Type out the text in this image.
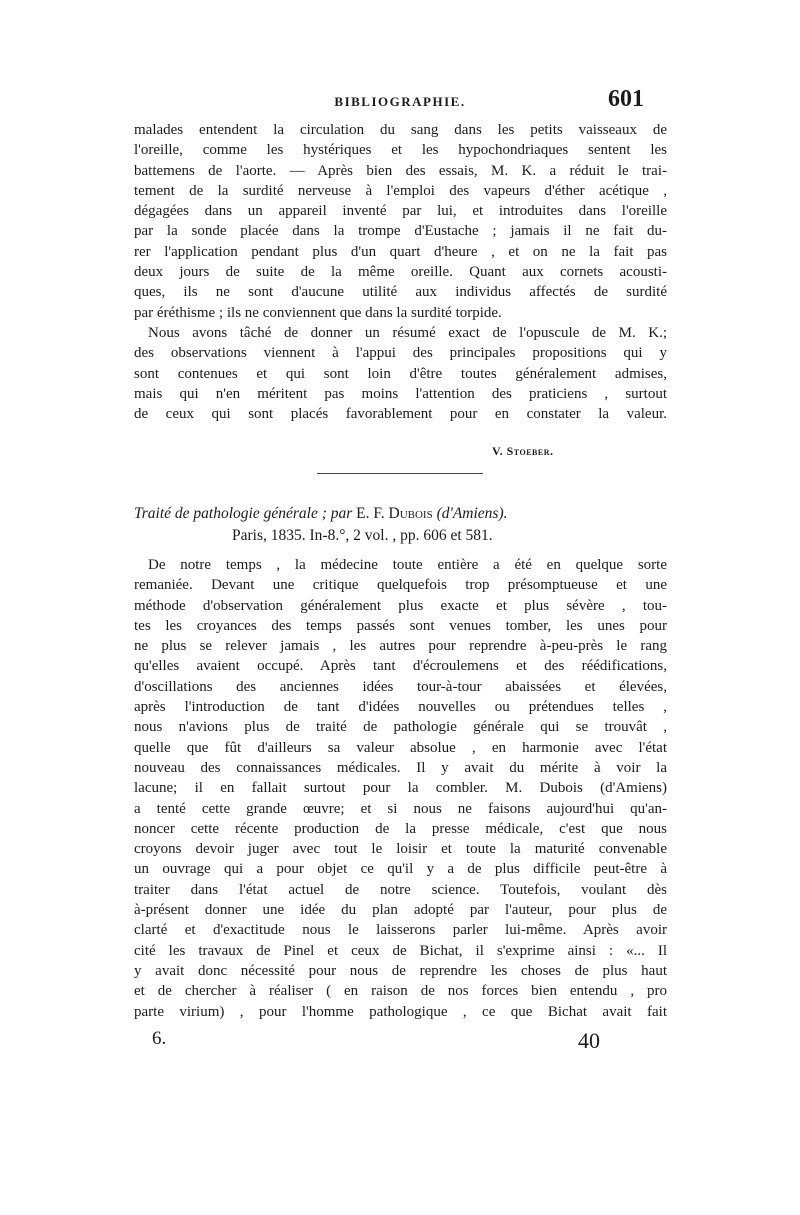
BIBLIOGRAPHIE.	601
malades entendent la circulation du sang dans les petits vaisseaux de
l'oreille, comme les hystériques et les hypochondriaques sentent les
battemens de l'aorte. — Après bien des essais, M. K. a réduit le trai-
tement de la surdité nerveuse à l'emploi des vapeurs d'éther acétique ,
dégagées dans un appareil inventé par lui, et introduites dans l'oreille
par la sonde placée dans la trompe d'Eustache ; jamais il ne fait du-
rer l'application pendant plus d'un quart d'heure , et on ne la fait pas
deux jours de suite de la même oreille. Quant aux cornets acousti-
ques, ils ne sont d'aucune utilité aux individus affectés de surdité
par éréthisme ; ils ne conviennent que dans la surdité torpide.
Nous avons tâché de donner un résumé exact de l'opuscule de M. K.;
des observations viennent à l'appui des principales propositions qui y
sont contenues et qui sont loin d'être toutes généralement admises,
mais qui n'en méritent pas moins l'attention des praticiens , surtout
de ceux qui sont placés favorablement pour en constater la valeur.
V. Stoeber.
Traité de pathologie générale ; par E. F. Dubois (d'Amiens).
Paris, 1835. In-8.°, 2 vol. , pp. 606 et 581.
De notre temps , la médecine toute entière a été en quelque sorte
remaniée. Devant une critique quelquefois trop présomptueuse et une
méthode d'observation généralement plus exacte et plus sévère , tou-
tes les croyances des temps passés sont venues tomber, les unes pour
ne plus se relever jamais , les autres pour reprendre à-peu-près le rang
qu'elles avaient occupé. Après tant d'écroulemens et des réédifications,
d'oscillations des anciennes idées tour-à-tour abaissées et élevées,
après l'introduction de tant d'idées nouvelles ou prétendues telles ,
nous n'avions plus de traité de pathologie générale qui se trouvât ,
quelle que fût d'ailleurs sa valeur absolue , en harmonie avec l'état
nouveau des connaissances médicales. Il y avait du mérite à voir la
lacune; il en fallait surtout pour la combler. M. Dubois (d'Amiens)
a tenté cette grande œuvre; et si nous ne faisons aujourd'hui qu'an-
noncer cette récente production de la presse médicale, c'est que nous
croyons devoir juger avec tout le loisir et toute la maturité convenable
un ouvrage qui a pour objet ce qu'il y a de plus difficile peut-être à
traiter dans l'état actuel de notre science. Toutefois, voulant dès
à-présent donner une idée du plan adopté par l'auteur, pour plus de
clarté et d'exactitude nous le laisserons parler lui-même. Après avoir
cité les travaux de Pinel et ceux de Bichat, il s'exprime ainsi : «... Il
y avait donc nécessité pour nous de reprendre les choses de plus haut
et de chercher à réaliser ( en raison de nos forces bien entendu , pro
parte virium) , pour l'homme pathologique , ce que Bichat avait fait
6.	40
